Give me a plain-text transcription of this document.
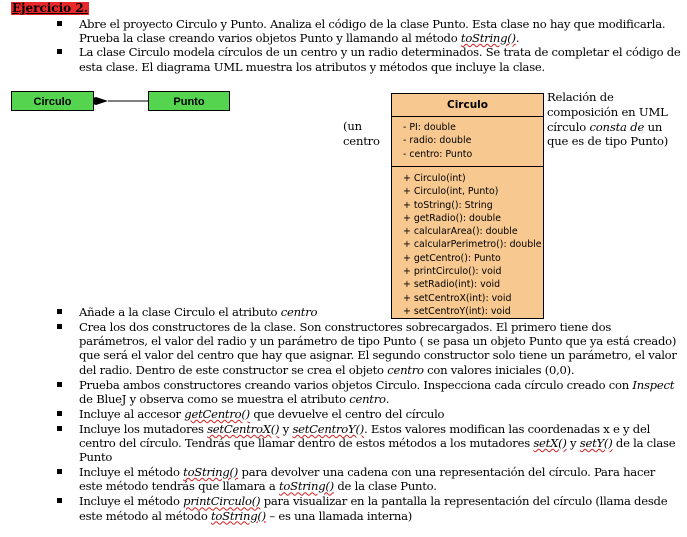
Ejercicio 2.
Abre el proyecto Circulo y Punto. Analiza el código de la clase Punto. Esta clase no hay que modificarla. Prueba la clase creando varios objetos Punto y llamando al método toString().
La clase Circulo modela círculos de un centro y un radio determinados. Se trata de completar el código de esta clase. El diagrama UML muestra los atributos y métodos que incluye la clase.
Circulo	Punto
(un
centro
Relación de composición en UML círculo consta de un que es de tipo Punto)
Circulo
- PI: double
- radio: double
- centro: Punto
+ Circulo(int)
+ Circulo(int, Punto)
+ toString(): String
+ getRadio(): double
+ calcularArea(): double
+ calcularPerimetro(): double
+ getCentro(): Punto
+ printCirculo(): void
+ setRadio(int): void
+ setCentroX(int): void
+ setCentroY(int): void
Añade a la clase Circulo el atributo centro
Crea los dos constructores de la clase. Son constructores sobrecargados. El primero tiene dos parámetros, el valor del radio y un parámetro de tipo Punto ( se pasa un objeto Punto que ya está creado) que será el valor del centro que hay que asignar. El segundo constructor solo tiene un parámetro, el valor del radio. Dentro de este constructor se crea el objeto centro con valores iniciales (0,0).
Prueba ambos constructores creando varios objetos Circulo. Inspecciona cada círculo creado con Inspect de BlueJ y observa como se muestra el atributo centro.
Incluye al accesor getCentro() que devuelve el centro del círculo
Incluye los mutadores setCentroX() y setCentroY(). Estos valores modifican las coordenadas x e y del centro del círculo. Tendrás que llamar dentro de estos métodos a los mutadores setX() y setY() de la clase Punto
Incluye el método toString() para devolver una cadena con una representación del círculo. Para hacer este método tendrás que llamara a toString() de la clase Punto.
Incluye el método printCirculo() para visualizar en la pantalla la representación del círculo (llama desde este método al método toString() – es una llamada interna)
